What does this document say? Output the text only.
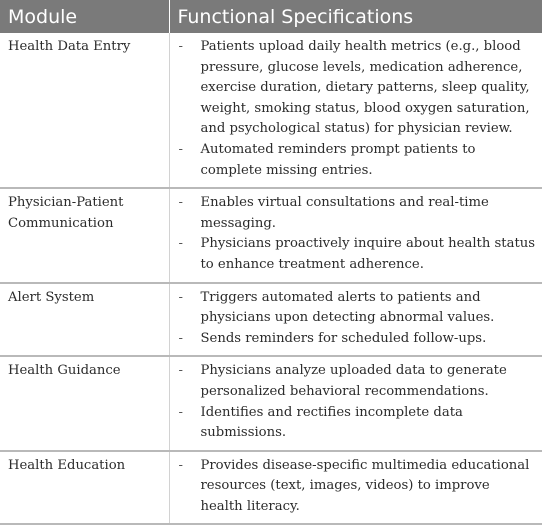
Module	Functional Specifications
Health Data Entry	- Patients upload daily health metrics (e.g., blood pressure, glucose levels, medication adherence, exercise duration, dietary patterns, sleep quality, weight, smoking status, blood oxygen saturation, and psychological status) for physician review.
- Automated reminders prompt patients to complete missing entries.

Physician-Patient Communication	- Enables virtual consultations and real-time messaging.
- Physicians proactively inquire about health status to enhance treatment adherence.

Alert System	- Triggers automated alerts to patients and physicians upon detecting abnormal values.
- Sends reminders for scheduled follow-ups.

Health Guidance	- Physicians analyze uploaded data to generate personalized behavioral recommendations.
- Identifies and rectifies incomplete data submissions.

Health Education	- Provides disease-specific multimedia educational resources (text, images, videos) to improve health literacy.
